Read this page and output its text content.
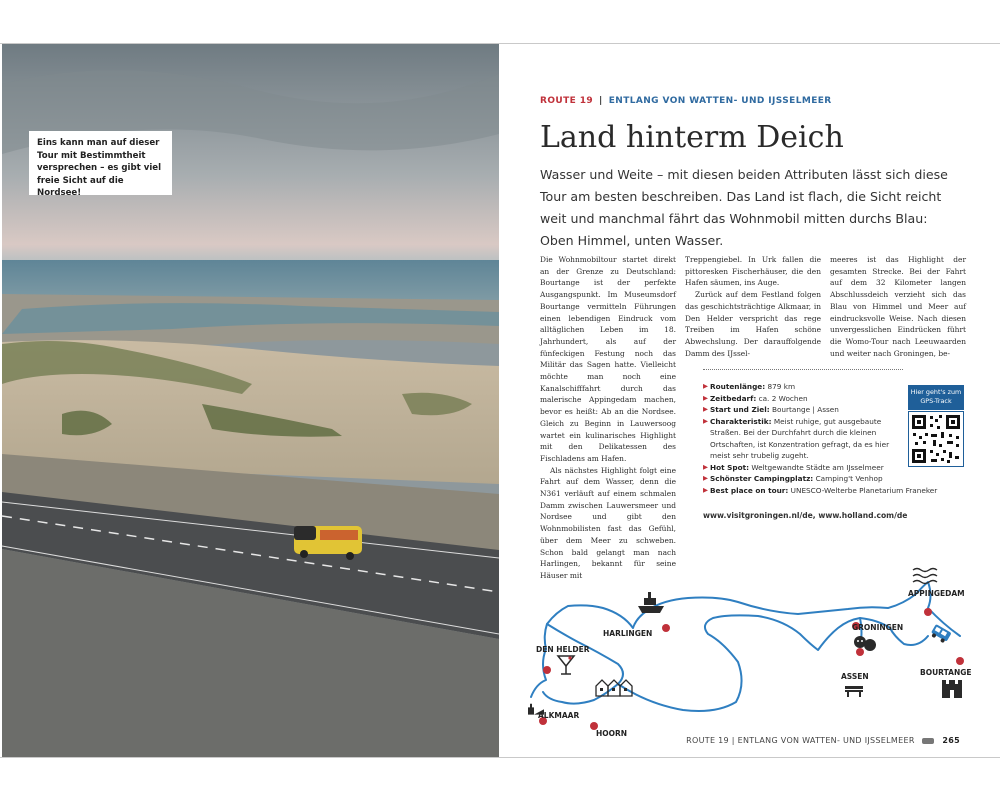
Eins kann man auf dieser Tour mit Bestimmtheit versprechen – es gibt viel freie Sicht auf die Nordsee!
ROUTE 19 | ENTLANG VON WATTEN- UND IJSSELMEER
Land hinterm Deich
Wasser und Weite – mit diesen beiden Attributen lässt sich diese Tour am besten beschreiben. Das Land ist flach, die Sicht reicht weit und manchmal fährt das Wohnmobil mitten durchs Blau: Oben Himmel, unten Wasser.

Die Wohnmobiltour startet direkt an der Grenze zu Deutschland: Bourtange ist der perfekte Ausgangspunkt. Im Museumsdorf Bourtange vermitteln Führungen einen lebendigen Eindruck vom alltäglichen Leben im 18. Jahrhundert, als auf der fünfeckigen Festung noch das Militär das Sagen hatte. Vielleicht möchte man noch eine Kanalschifffahrt durch das malerische Appingedam machen, bevor es heißt: Ab an die Nordsee. Gleich zu Beginn in Lauwersoog wartet ein kulinarisches Highlight mit den Delikatessen des Fischladens am Hafen.

Als nächstes Highlight folgt eine Fahrt auf dem Wasser, denn die N361 verläuft auf einem schmalen Damm zwischen Lauwersmeer und Nordsee und gibt den Wohnmobilisten fast das Gefühl, über dem Meer zu schweben. Schon bald gelangt man nach Harlingen, bekannt für seine Häuser mit

Treppengiebel. In Urk fallen die pittoresken Fischerhäuser, die den Hafen säumen, ins Auge.

Zurück auf dem Festland folgen das geschichtsträchtige Alkmaar, in Den Helder verspricht das rege Treiben im Hafen schöne Abwechslung. Der darauffolgende Damm des IJssel-

meeres ist das Highlight der gesamten Strecke. Bei der Fahrt auf dem 32 Kilometer langen Abschlussdeich verzieht sich das Blau von Himmel und Meer auf eindrucksvolle Weise. Nach diesen unvergesslichen Eindrücken führt die Womo-Tour nach Leeuwaarden und weiter nach Groningen, be-

▶ Routenlänge: 879 km
▶ Zeitbedarf: ca. 2 Wochen
▶ Start und Ziel: Bourtange | Assen
▶ Charakteristik: Meist ruhige, gut ausgebaute Straßen. Bei der Durchfahrt durch die kleinen Ortschaften, ist Konzentration gefragt, da es hier meist sehr trubelig zugeht.
▶ Hot Spot: Weltgewandte Städte am IJsselmeer
▶ Schönster Campingplatz: Camping't Venhop
▶ Best place on tour: UNESCO-Welterbe Planetarium Franeker
Hier geht's zum GPS-Track
www.visitgroningen.nl/de, www.holland.com/de
DEN HELDER
HARLINGEN
GRONINGEN
APPINGEDAM
ASSEN	BOURTANGE
ALKMAAR
HOORN
ROUTE 19 | ENTLANG VON WATTEN- UND IJSSELMEER	265
